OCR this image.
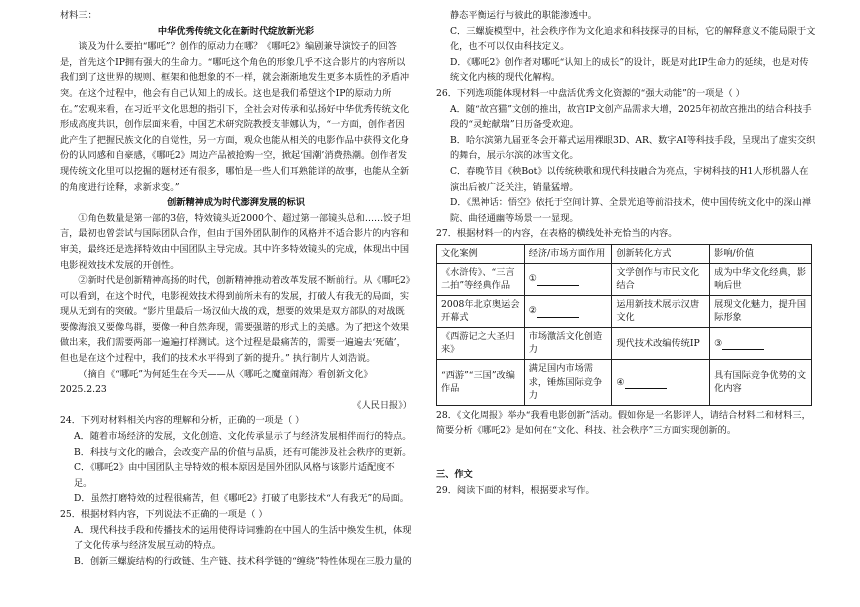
材料三：

中华优秀传统文化在新时代绽放新光彩

谈及为什么要拍“哪吒”？创作的原动力在哪？《哪吒2》编剧兼导演饺子的回答是，首先这个IP拥有强大的生命力。“哪吒这个角色的形象几乎不这合影片的内容所以我们到了这世界的规则、框架和他想象的不一样，就会渐渐地发生更多本质性的矛盾冲突。在这个过程中，他会有自己认知上的成长。这也是我们希望这个IP的原动力所在。”宏观来看，在习近平文化思想的指引下，全社会对传承和弘扬好中华优秀传统文化形成高度共识，创作层面来看，中国艺术研究院教授支菲娜认为，“一方面，创作者因此产生了把握民族文化的自觉性，另一方面，观众也能从相关的电影作品中获得文化身份的认同感和自豪感，《哪吒2》周边产品被抢购一空，掀起‘国潮’消费热潮。创作者发现传统文化里可以挖掘的题材还有很多，哪怕是一些人们耳熟能详的故事，也能从全新的角度进行诠释，求新求变。”

创新精神成为时代澎湃发展的标识

①角色数量是第一部的3倍，特效镜头近2000个、超过第一部镜头总和……饺子坦言，最初也曾尝试与国际团队合作，但由于国外团队制作的风格并不适合影片的内容和审美，最终还是选择特效由中国团队主导完成。其中许多特效镜头的完成，体现出中国电影视效技术发展的开创性。

②新时代是创新精神高扬的时代，创新精神推动着改革发展不断前行。从《哪吒2》可以看到，在这个时代，电影视效技术得到前所未有的发展，打破人有我无的局面，实现从无到有的突破。“影片里最后一场汉仙大战的戏，想要的效果是双方部队的对战既要像海浪又要像鸟群，要像一种自然奔现，需要强谐的形式上的美感。为了把这个效果做出来，我们需要两部一遍遍打样测试。这个过程是最痛苦的，需要一遍遍去‘死磕’，但也是在这个过程中，我们的技术水平得到了新的提升。” 执行制片人刘浩说。

（摘自《“哪吒”为何延生在今天——从〈哪吒之魔童闹海〉看创新文化》2025.2.23

《人民日报》）

24．下列对材料相关内容的理解和分析，正确的一项是（ ）

A．随着市场经济的发展，文化创造、文化传承显示了与经济发展相伴而行的特点。

B．科技与文化的融合，会改变产品的价值与品质，还有可能涉及社会秩序的更新。

C．《哪吒2》由中国团队主导特效的根本原因是国外团队风格与该影片适配度不足。

D．虽然打磨特效的过程很痛苦，但《哪吒2》打破了电影技术“人有我无”的局面。

25．根据材料内容，下列说法不正确的一项是（ ）

A．现代科技手段和传播技术的运用使得诗词雅韵在中国人的生活中焕发生机，体现了文化传承与经济发展互动的特点。

B．创新三螺旋结构的行政链、生产链、技术科学链的“缠绕”特性体现在三股力量的

静态平衡运行与彼此的职能渗透中。

C．三螺旋模型中，社会秩序作为文化追求和科技探寻的目标，它的解释意义不能局限于文化，也不可以仅由科技定义。

D．《哪吒2》创作者对哪吒“认知上的成长”的设计，既是对此IP生命力的延续，也是对传统文化内核的现代化解构。

26．下列选项能体现材料一中盘活优秀文化资源的“强大动能”的一项是（ ）

A．随“故宫猫”文创的推出，故宫IP文创产品需求大增，2025年初故宫推出的结合科技手段的“灵蛇献瑞”日历备受欢迎。

B．哈尔滨第九届亚冬会开幕式运用裸眼3D、AR、数字AI等科技手段，呈现出了虚实交织的舞台，展示尔滨的冰雪文化。

C．春晚节目《秧Bot》以传统秧歌和现代科技融合为亮点，宇树科技的H1人形机器人在演出后被广泛关注，销量猛增。

D．《黑神话：悟空》依托于空间计算、全景光追等前沿技术，使中国传统文化中的深山禅院、曲径通幽等场景一一显现。

27．根据材料一的内容，在表格的横线处补充恰当的内容。

文化案例	经济/市场方面作用	创新转化方式	影响/价值
《水浒传》、“三言二拍”等经典作品	①	文学创作与市民文化结合	成为中华文化经典，影响后世
2008年北京奥运会开幕式	②	运用新技术展示汉唐文化	展现文化魅力，提升国际形象
《西游记之大圣归来》	市场激活文化创造力	现代技术改编传统IP	③
“西游”“三国”改编作品	满足国内市场需求，锤炼国际竞争力	④	具有国际竞争优势的文化内容

28．《文化周报》举办“我看电影创新”活动。假如你是一名影评人，请结合材料二和材料三，简要分析《哪吒2》是如何在“文化、科技、社会秩序”三方面实现创新的。

三、作文

29．阅读下面的材料，根据要求写作。
